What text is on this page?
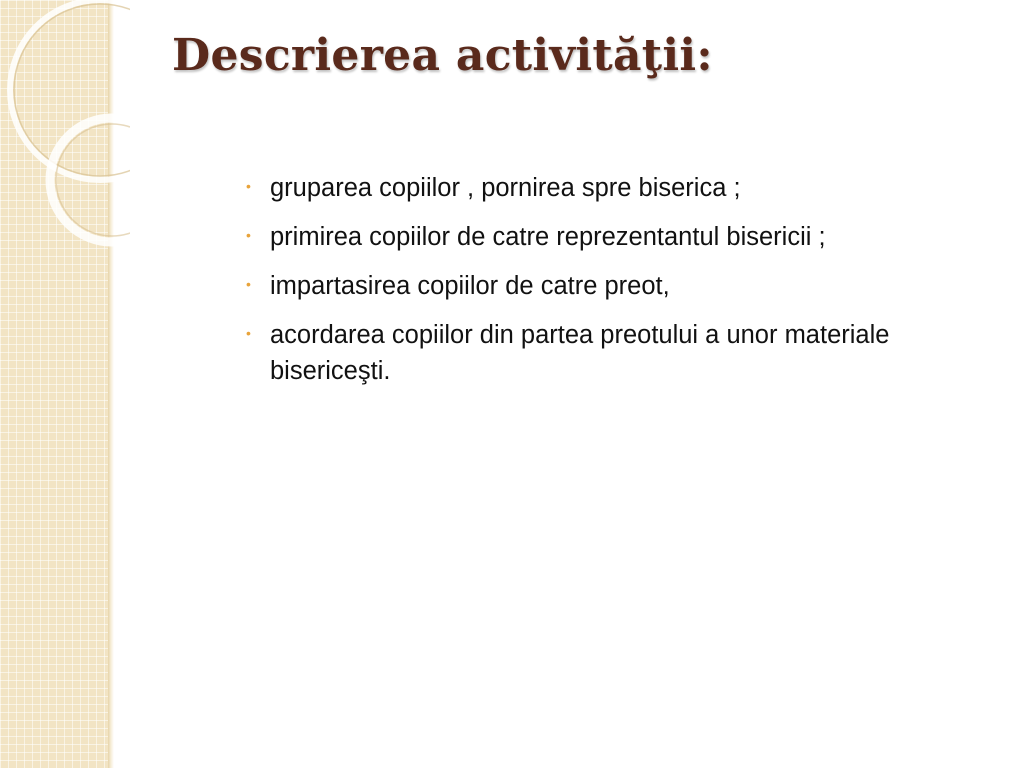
Descrierea activităţii:
• gruparea copiilor , pornirea spre biserica ;
• primirea copiilor de catre reprezentantul bisericii ;
• impartasirea copiilor de catre preot,
• acordarea copiilor din partea preotului a unor materiale bisericeşti.
